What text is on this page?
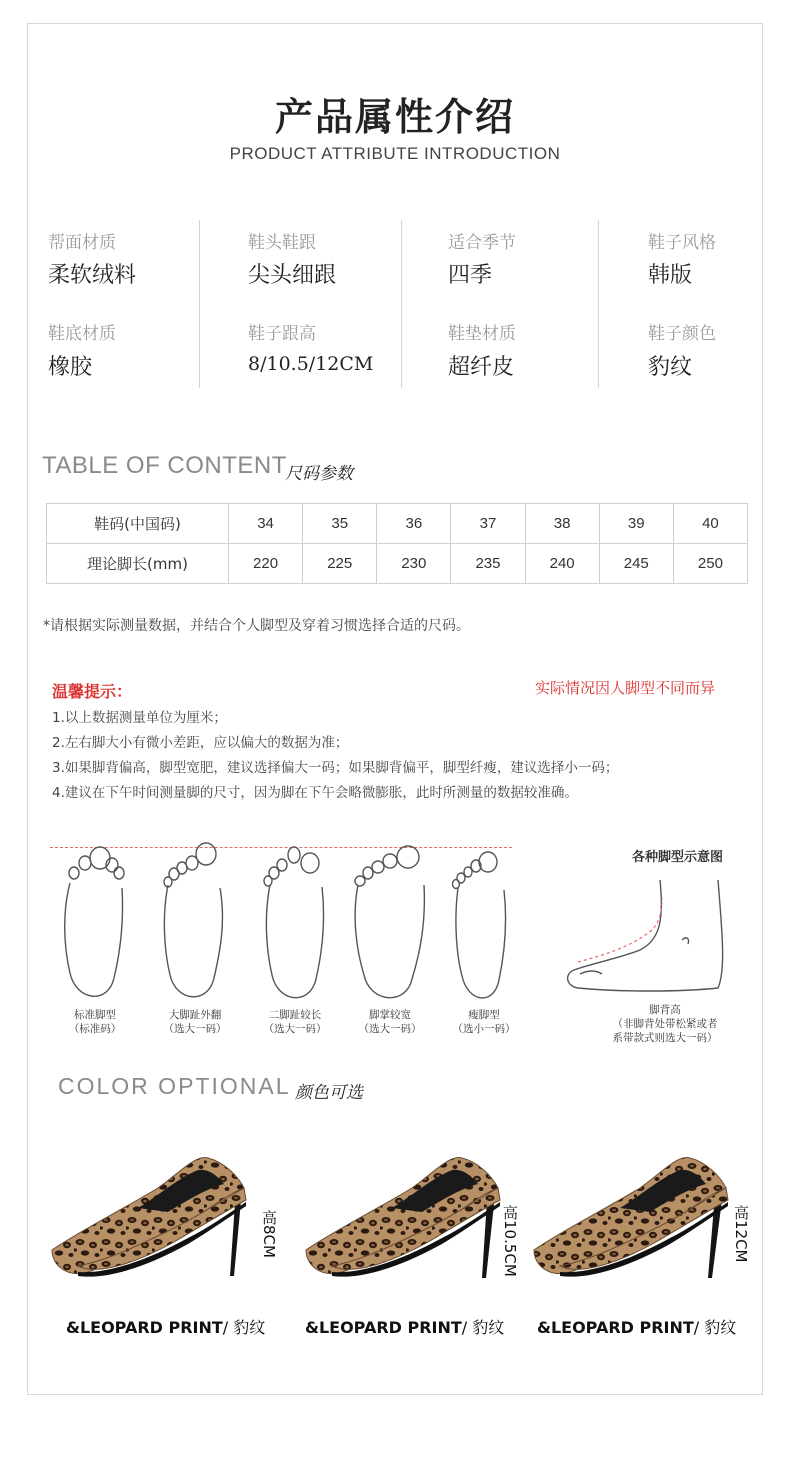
产品属性介绍
PRODUCT ATTRIBUTE INTRODUCTION
帮面材质
柔软绒料
鞋头鞋跟
尖头细跟
适合季节
四季
鞋子风格
韩版
鞋底材质
橡胶
鞋子跟高
8/10.5/12CM
鞋垫材质
超纤皮
鞋子颜色
豹纹
TABLE OF CONTENT
尺码参数
鞋码(中国码)	34	35	36	37	38	39	40
理论脚长(mm)	220	225	230	235	240	245	250
*请根据实际测量数据，并结合个人脚型及穿着习惯选择合适的尺码。
温馨提示：	实际情况因人脚型不同而异
1.以上数据测量单位为厘米；
2.左右脚大小有微小差距，应以偏大的数据为准；
3.如果脚背偏高，脚型宽肥，建议选择偏大一码；如果脚背偏平，脚型纤瘦，建议选择小一码；
4.建议在下午时间测量脚的尺寸，因为脚在下午会略微膨胀，此时所测量的数据较准确。
标准脚型
（标准码）
大脚趾外翻
（选大一码）
二脚趾较长
（选大一码）
脚掌较宽
（选大一码）
瘦脚型
（选小一码）
各种脚型示意图
脚背高
（非脚背处带松紧或者
系带款式则选大一码）
COLOR OPTIONAL 颜色可选
高8CM
&LEOPARD PRINT/ 豹纹
高10.5CM
&LEOPARD PRINT/ 豹纹
高12CM
&LEOPARD PRINT/ 豹纹
